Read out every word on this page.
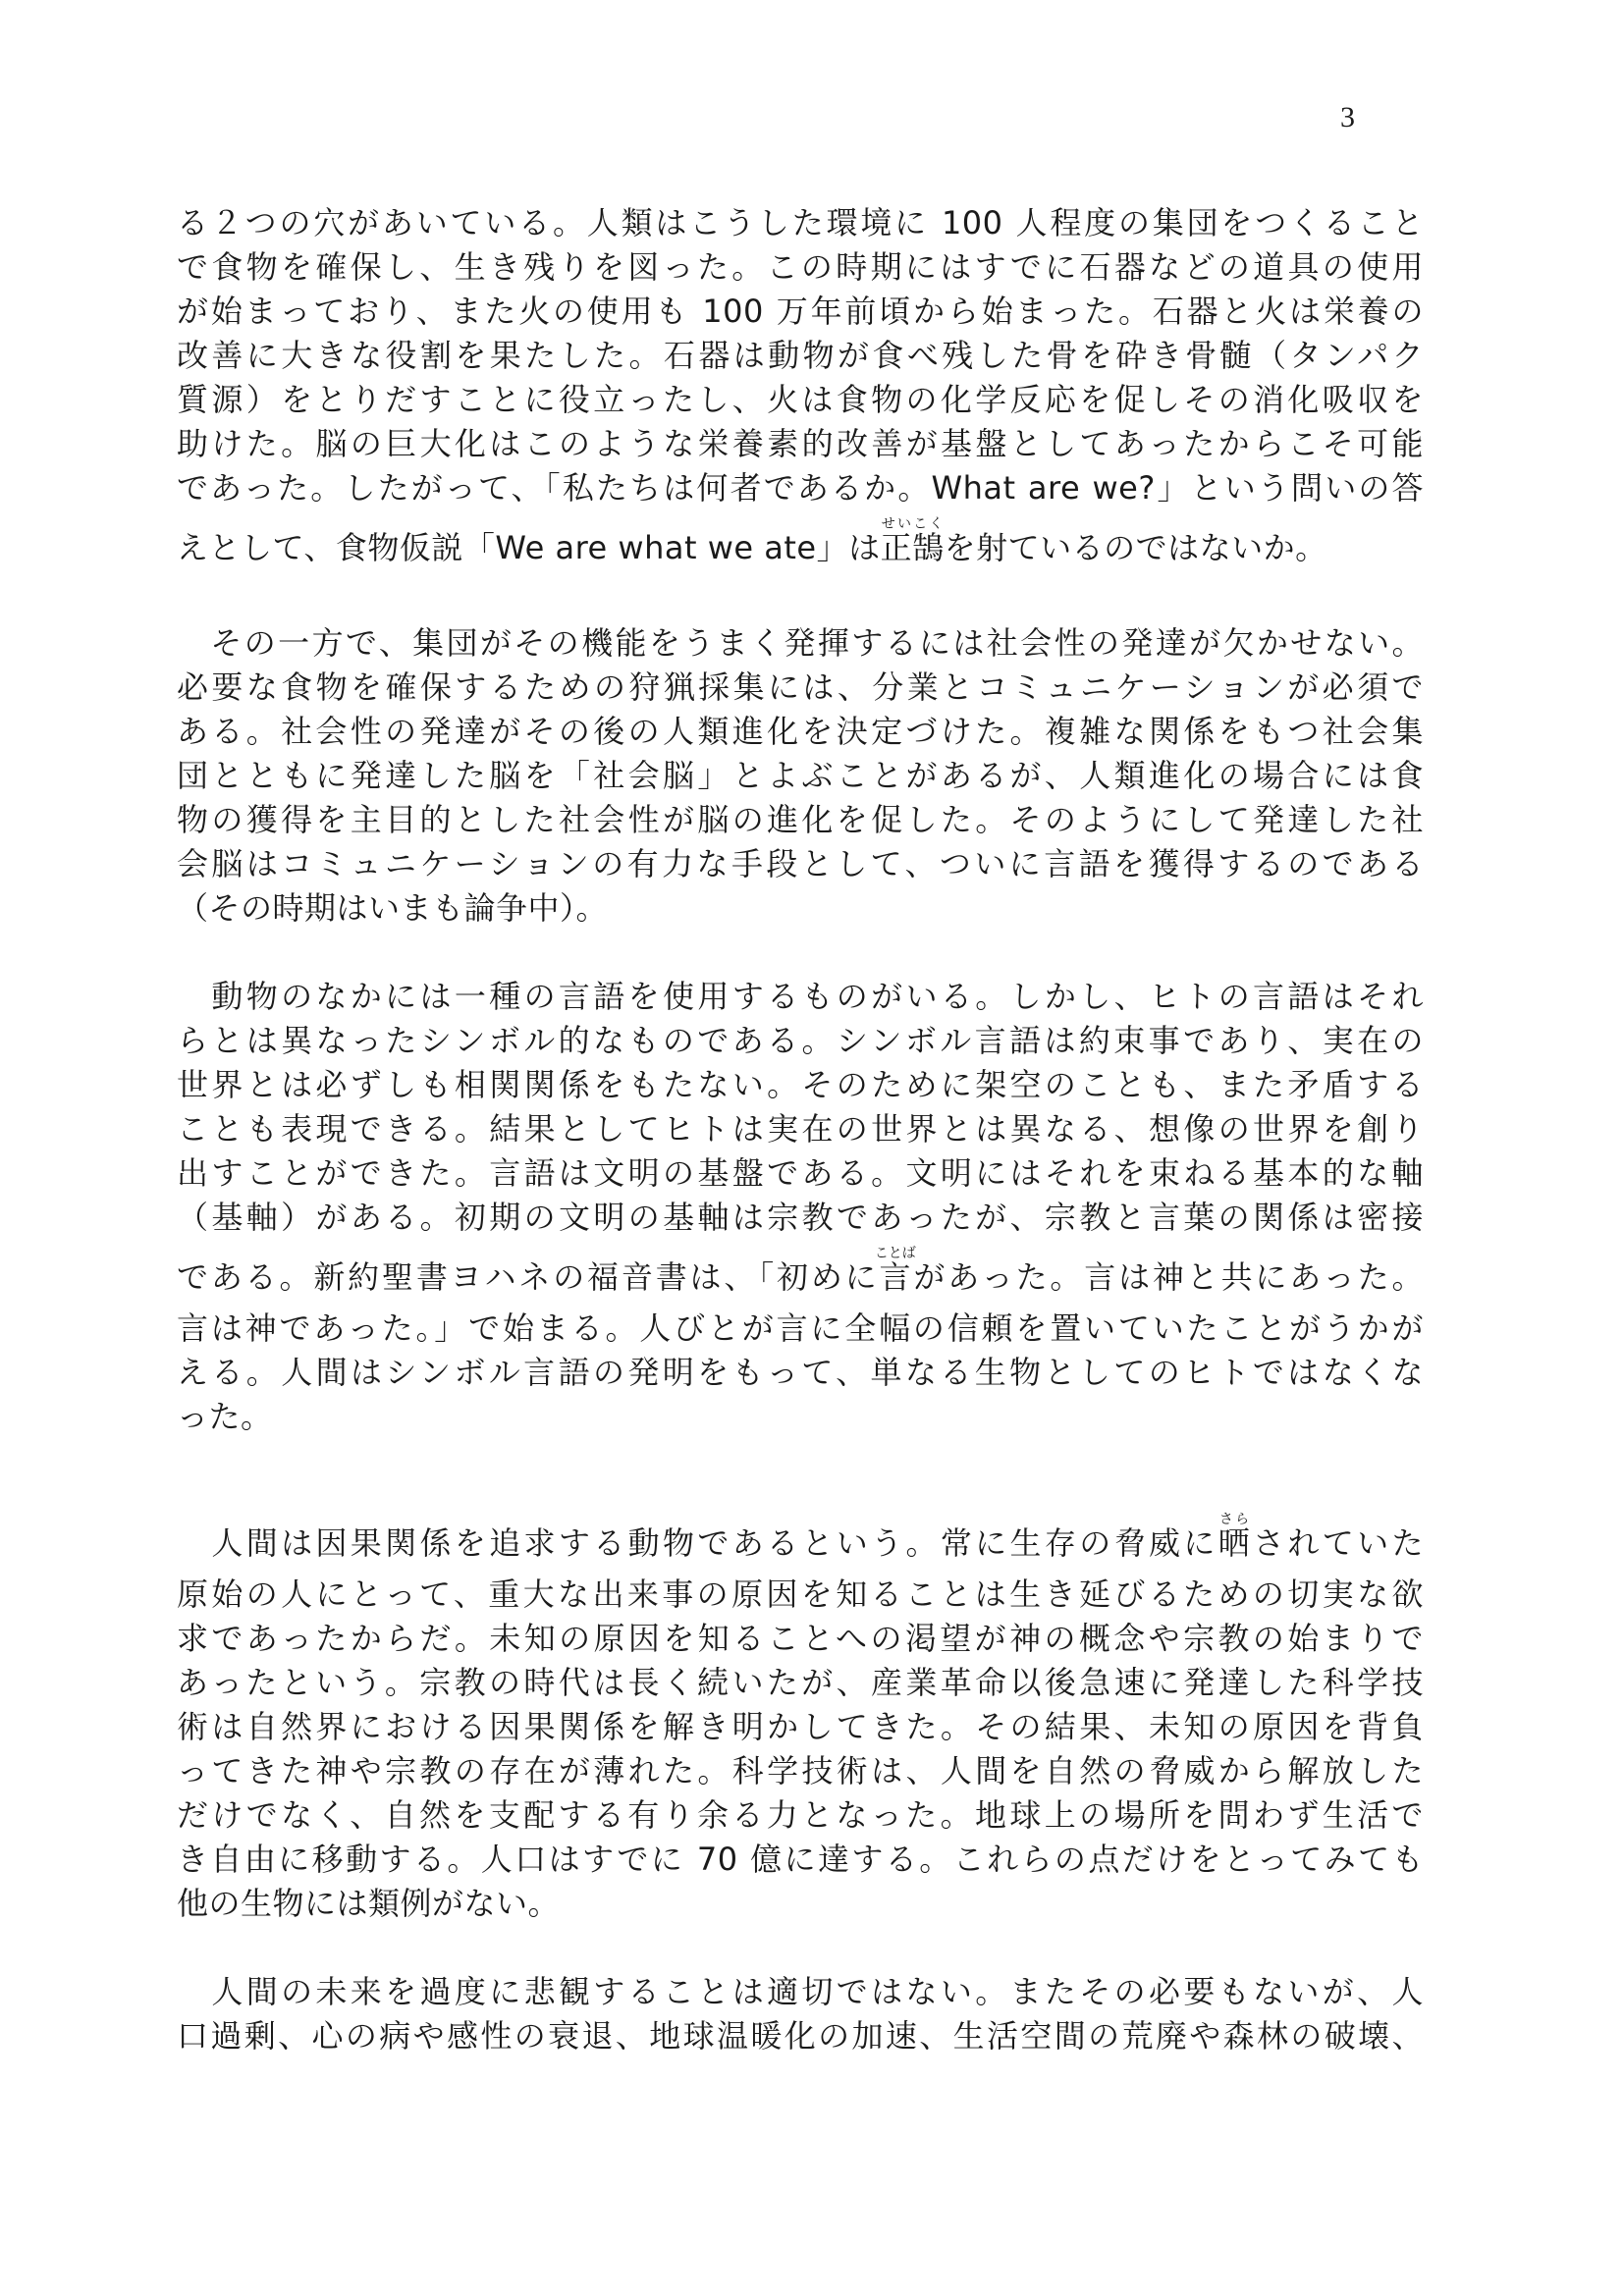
3
る２つの穴があいている。人類はこうした環境に 100 人程度の集団をつくること
で食物を確保し、生き残りを図った。この時期にはすでに石器などの道具の使用
が始まっており、また火の使用も 100 万年前頃から始まった。石器と火は栄養の
改善に大きな役割を果たした。石器は動物が食べ残した骨を砕き骨髄（タンパク
質源）をとりだすことに役立ったし、火は食物の化学反応を促しその消化吸収を
助けた。脳の巨大化はこのような栄養素的改善が基盤としてあったからこそ可能
であった。したがって、「私たちは何者であるか。What are we?」という問いの答
えとして、食物仮説「We are what we ate」は正鵠せいこくを射ているのではないか。
　その一方で、集団がその機能をうまく発揮するには社会性の発達が欠かせない。
必要な食物を確保するための狩猟採集には、分業とコミュニケーションが必須で
ある。社会性の発達がその後の人類進化を決定づけた。複雑な関係をもつ社会集
団とともに発達した脳を「社会脳」とよぶことがあるが、人類進化の場合には食
物の獲得を主目的とした社会性が脳の進化を促した。そのようにして発達した社
会脳はコミュニケーションの有力な手段として、ついに言語を獲得するのである
（その時期はいまも論争中）。
　動物のなかには一種の言語を使用するものがいる。しかし、ヒトの言語はそれ
らとは異なったシンボル的なものである。シンボル言語は約束事であり、実在の
世界とは必ずしも相関関係をもたない。そのために架空のことも、また矛盾する
ことも表現できる。結果としてヒトは実在の世界とは異なる、想像の世界を創り
出すことができた。言語は文明の基盤である。文明にはそれを束ねる基本的な軸
（基軸）がある。初期の文明の基軸は宗教であったが、宗教と言葉の関係は密接
である。新約聖書ヨハネの福音書は、「初めに言ことばがあった。言は神と共にあった。
言は神であった。」で始まる。人びとが言に全幅の信頼を置いていたことがうかが
える。人間はシンボル言語の発明をもって、単なる生物としてのヒトではなくな
った。
　人間は因果関係を追求する動物であるという。常に生存の脅威に晒さらされていた
原始の人にとって、重大な出来事の原因を知ることは生き延びるための切実な欲
求であったからだ。未知の原因を知ることへの渇望が神の概念や宗教の始まりで
あったという。宗教の時代は長く続いたが、産業革命以後急速に発達した科学技
術は自然界における因果関係を解き明かしてきた。その結果、未知の原因を背負
ってきた神や宗教の存在が薄れた。科学技術は、人間を自然の脅威から解放した
だけでなく、自然を支配する有り余る力となった。地球上の場所を問わず生活で
き自由に移動する。人口はすでに 70 億に達する。これらの点だけをとってみても
他の生物には類例がない。
　人間の未来を過度に悲観することは適切ではない。またその必要もないが、人
口過剰、心の病や感性の衰退、地球温暖化の加速、生活空間の荒廃や森林の破壊、
